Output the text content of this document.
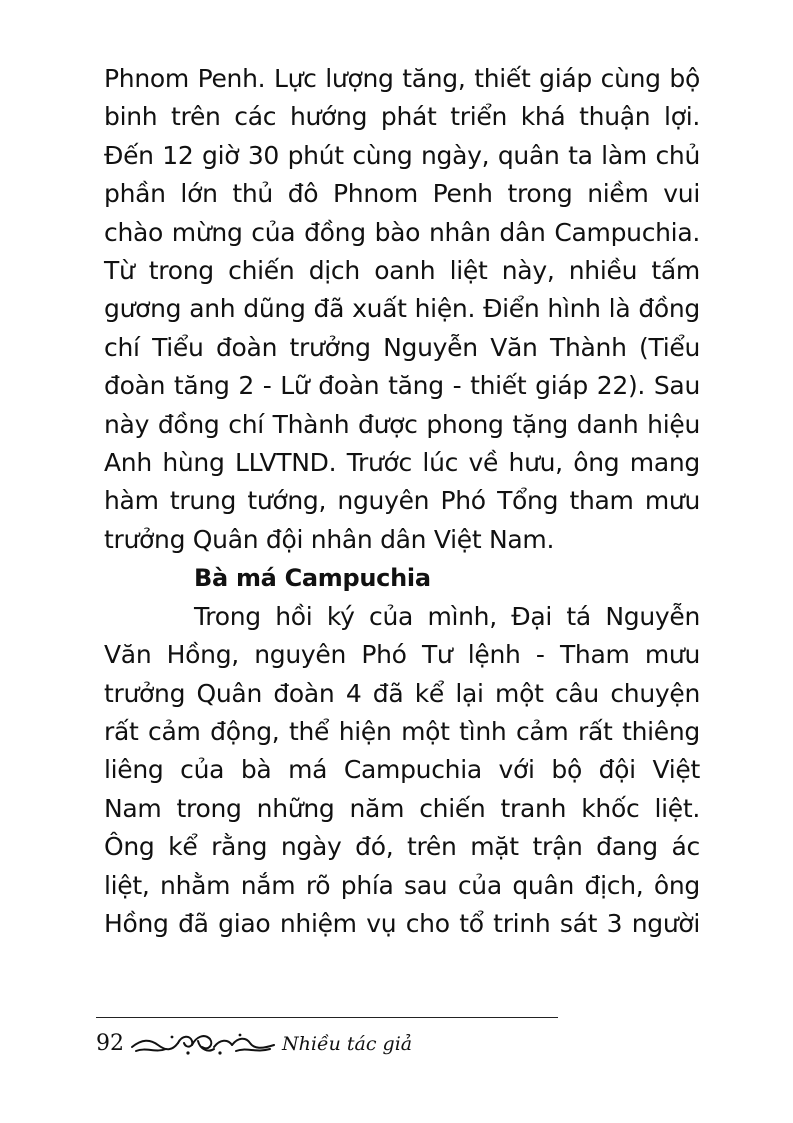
Phnom Penh. Lực lượng tăng, thiết giáp cùng bộ
binh trên các hướng phát triển khá thuận lợi.
Đến 12 giờ 30 phút cùng ngày, quân ta làm chủ
phần lớn thủ đô Phnom Penh trong niềm vui
chào mừng của đồng bào nhân dân Campuchia.
Từ trong chiến dịch oanh liệt này, nhiều tấm
gương anh dũng đã xuất hiện. Điển hình là đồng
chí Tiểu đoàn trưởng Nguyễn Văn Thành (Tiểu
đoàn tăng 2 - Lữ đoàn tăng - thiết giáp 22). Sau
này đồng chí Thành được phong tặng danh hiệu
Anh hùng LLVTND. Trước lúc về hưu, ông mang
hàm trung tướng, nguyên Phó Tổng tham mưu
trưởng Quân đội nhân dân Việt Nam.
Bà má Campuchia
Trong hồi ký của mình, Đại tá Nguyễn
Văn Hồng, nguyên Phó Tư lệnh - Tham mưu
trưởng Quân đoàn 4 đã kể lại một câu chuyện
rất cảm động, thể hiện một tình cảm rất thiêng
liêng của bà má Campuchia với bộ đội Việt
Nam trong những năm chiến tranh khốc liệt.
Ông kể rằng ngày đó, trên mặt trận đang ác
liệt, nhằm nắm rõ phía sau của quân địch, ông
Hồng đã giao nhiệm vụ cho tổ trinh sát 3 người
92	Nhiều tác giả
